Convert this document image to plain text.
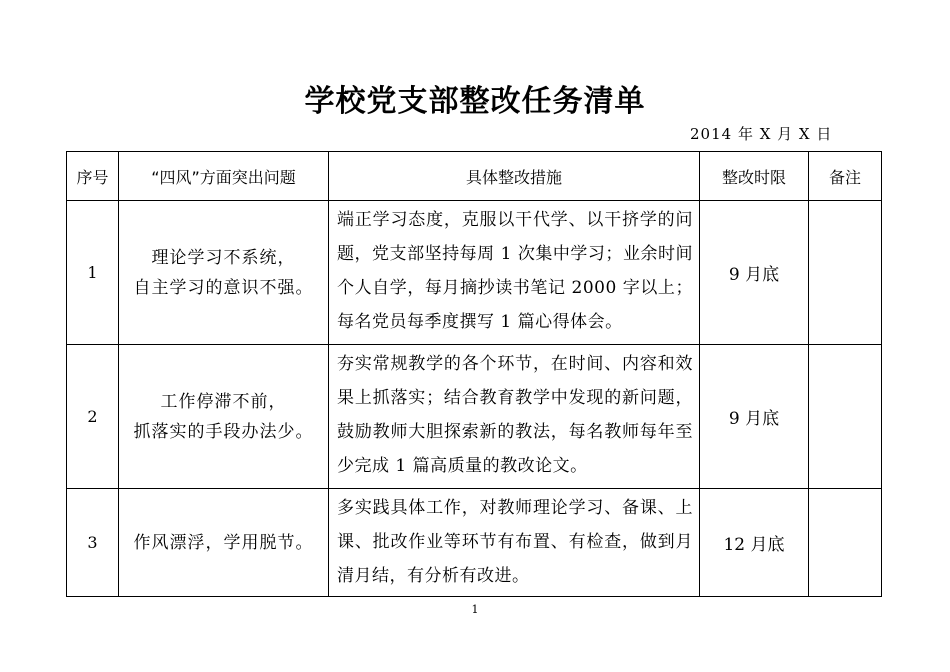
学校党支部整改任务清单
2014 年 X 月 X 日
序号	“四风”方面突出问题	具体整改措施	整改时限	备注
1	理论学习不系统，
自主学习的意识不强。	端正学习态度，克服以干代学、以干挤学的问题，党支部坚持每周 1 次集中学习；业余时间个人自学，每月摘抄读书笔记 2000 字以上；每名党员每季度撰写 1 篇心得体会。	9 月底	
2	工作停滞不前，
抓落实的手段办法少。	夯实常规教学的各个环节，在时间、内容和效果上抓落实；结合教育教学中发现的新问题，鼓励教师大胆探索新的教法，每名教师每年至少完成 1 篇高质量的教改论文。	9 月底	
3	作风漂浮，学用脱节。	多实践具体工作，对教师理论学习、备课、上课、批改作业等环节有布置、有检查，做到月清月结，有分析有改进。	12 月底	
1
